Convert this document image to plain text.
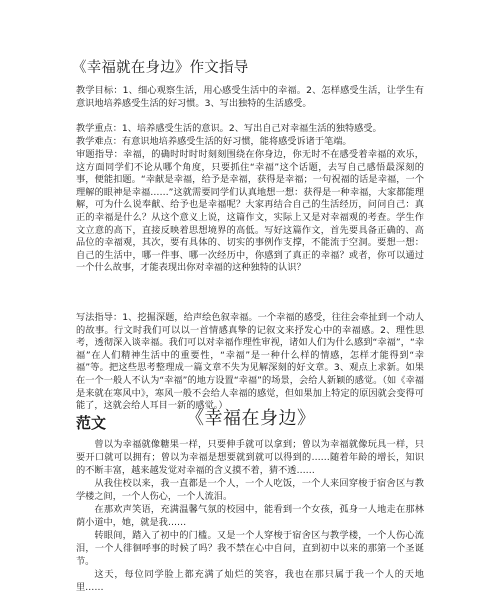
《幸福就在身边》作文指导

教学目标：1、细心观察生活，用心感受生活中的幸福。2、怎样感受生活，让学生有意识地培养感受生活的好习惯。3、写出独特的生活感受。

教学重点：1、培养感受生活的意识。2、写出自己对幸福生活的独特感受。

教学难点：有意识地培养感受生活的好习惯，能将感受诉诸于笔端。

审题指导：幸福，的确时时时时刻刻围绕在你身边，你无时不在感受着幸福的欢乐，这方面同学们不论从哪个角度，只要抓住“幸福”这个话题，去写自己感悟最深刻的事，便能扣题。“幸献是幸福，给予是幸福，获得是幸福；一句祝福的话是幸福，一个理解的眼神是幸福……”这就需要同学们认真地想一想：获得是一种幸福，大家都能理解，可为什么说奉献、给予也是幸福呢？大家再结合自己的生活经历，问问自己：真正的幸福是什么？从这个意义上说，这篇作文，实际上又是对幸福观的考查。学生作文立意的高下，直接反映着思想境界的高低。写好这篇作文，首先要具备正确的、高品位的幸福观，其次，要有具体的、切实的事例作支撑，不能流于空洞。要想一想：自己的生活中，哪一件事、哪一次经历中，你感到了真正的幸福？或者，你可以通过一个什么故事，才能表现出你对幸福的这种独特的认识？

写法指导：1、挖掘深题，给声绘色叙幸福。一个幸福的感受，往往会牵扯到一个动人的故事。行文时我们可以以一首情感真挚的记叙文来抒发心中的幸福感。2、理性思考，透彻深入谈幸福。我们可以对幸福作理性审视，诸如人们为什么感到“幸福”，“幸福”在人们精神生活中的重要性，“幸福”是一种什么样的情感，怎样才能得到“幸福”等。把这些思考整理成一篇文章不失为见解深刻的好文章。3、观点上求新。如果在一个一般人不认为“幸福”的地方设置“幸福”的场景，会给人新颖的感觉。（如《幸福是来就在寒风中》，寒风一般不会给人幸福的感觉，但如果加上特定的原因就会变得可能了，这就会给人耳目一新的感觉。）

范文	《幸福在身边》

曾以为幸福就像糖果一样，只要伸手就可以拿到；曾以为幸福就像玩具一样，只要开口就可以拥有；曾以为幸福是想要就到就可以得到的……随着年龄的增长，知识的不断丰富，越来越发觉对幸福的含义摸不着，猜不透……

从我住校以来，我一直都是一个人，一个人吃饭，一个人来回穿梭于宿舍区与教学楼之间，一个人伤心，一个人流泪。

在那欢声笑语，充满温馨气氛的校园中，能看到一个女孩，孤身一人地走在那林荫小道中，她，就是我……

转眼间，踏入了初中的门槛。又是一个人穿梭于宿舍区与教学楼，一个人伤心流泪，一个人徘徊呼事的时候了吗？我不禁在心中自问，直到初中以来的那第一个圣诞节。

这天，每位同学脸上都充满了灿烂的笑容，我也在那只属于我一个人的天地里……
